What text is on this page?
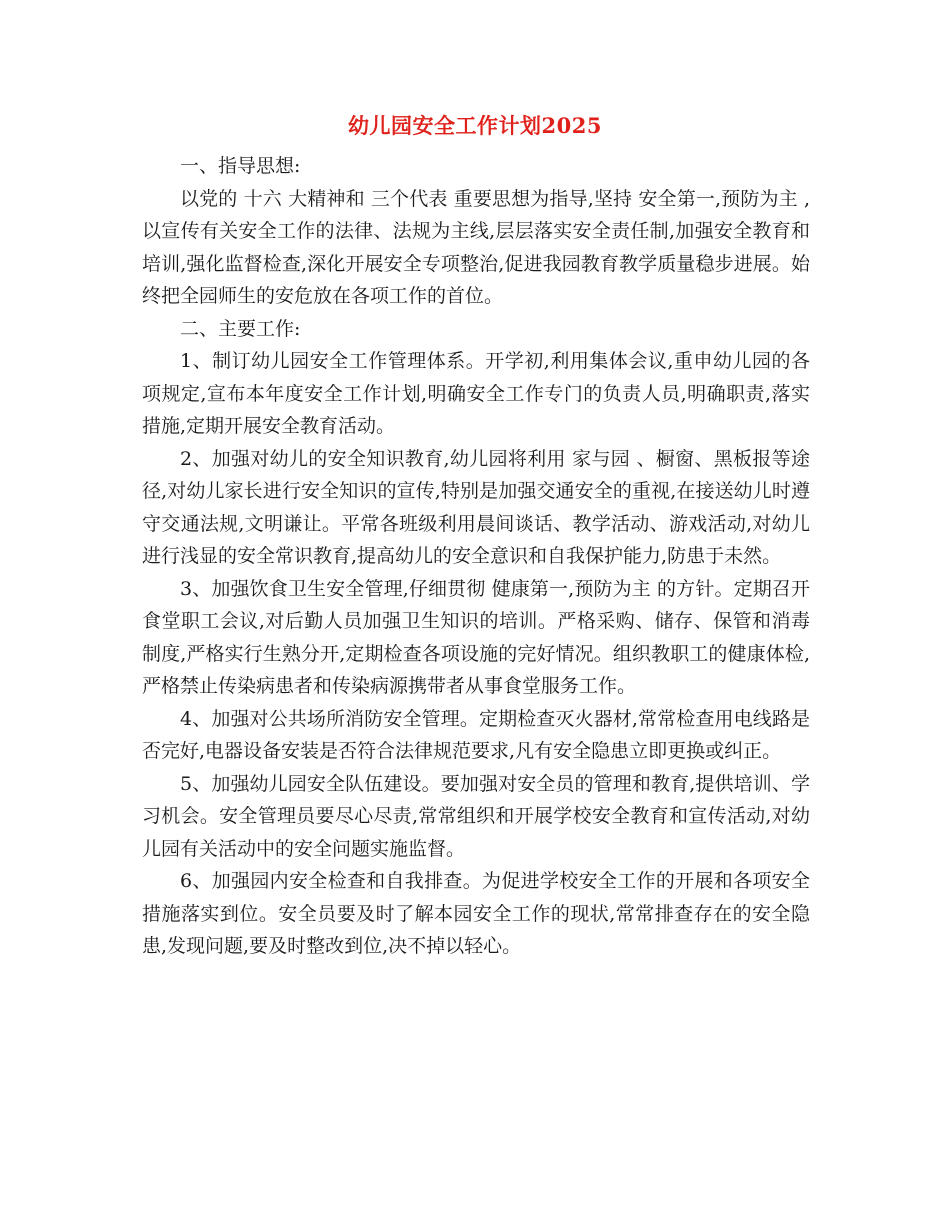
幼儿园安全工作计划2025

一、指导思想:

以党的 十六 大精神和 三个代表 重要思想为指导,坚持 安全第一,预防为主 ,以宣传有关安全工作的法律、法规为主线,层层落实安全责任制,加强安全教育和培训,强化监督检查,深化开展安全专项整治,促进我园教育教学质量稳步进展。始终把全园师生的安危放在各项工作的首位。

二、主要工作:

1、制订幼儿园安全工作管理体系。开学初,利用集体会议,重申幼儿园的各项规定,宣布本年度安全工作计划,明确安全工作专门的负责人员,明确职责,落实措施,定期开展安全教育活动。

2、加强对幼儿的安全知识教育,幼儿园将利用 家与园 、橱窗、黑板报等途径,对幼儿家长进行安全知识的宣传,特别是加强交通安全的重视,在接送幼儿时遵守交通法规,文明谦让。平常各班级利用晨间谈话、教学活动、游戏活动,对幼儿进行浅显的安全常识教育,提高幼儿的安全意识和自我保护能力,防患于未然。

3、加强饮食卫生安全管理,仔细贯彻 健康第一,预防为主 的方针。定期召开食堂职工会议,对后勤人员加强卫生知识的培训。严格采购、储存、保管和消毒制度,严格实行生熟分开,定期检查各项设施的完好情况。组织教职工的健康体检,严格禁止传染病患者和传染病源携带者从事食堂服务工作。

4、加强对公共场所消防安全管理。定期检查灭火器材,常常检查用电线路是否完好,电器设备安装是否符合法律规范要求,凡有安全隐患立即更换或纠正。

5、加强幼儿园安全队伍建设。要加强对安全员的管理和教育,提供培训、学习机会。安全管理员要尽心尽责,常常组织和开展学校安全教育和宣传活动,对幼儿园有关活动中的安全问题实施监督。

6、加强园内安全检查和自我排查。为促进学校安全工作的开展和各项安全措施落实到位。安全员要及时了解本园安全工作的现状,常常排查存在的安全隐患,发现问题,要及时整改到位,决不掉以轻心。
